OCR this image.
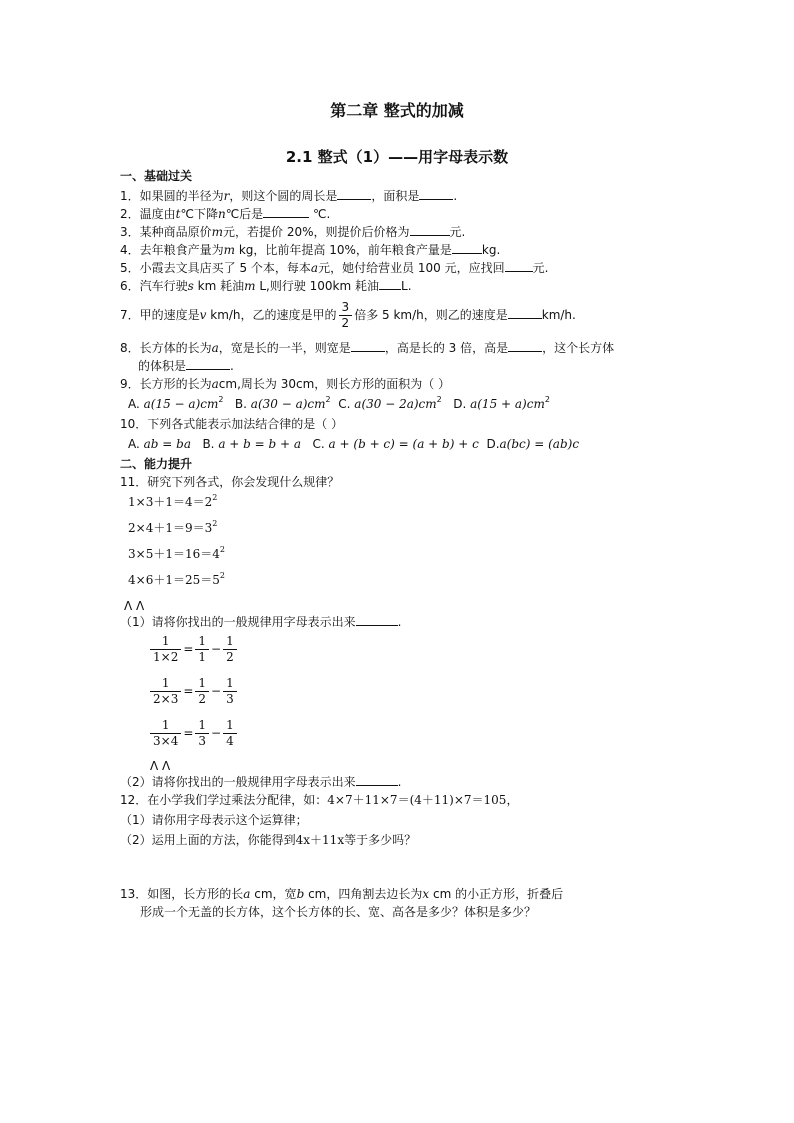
第二章 整式的加减
2.1 整式（1）——用字母表示数
一、基础过关
1．如果圆的半径为r，则这个圆的周长是	，面积是	.
2．温度由t℃下降n℃后是	℃.
3．某种商品原价m元，若提价 20%，则提价后价格为	元.
4．去年粮食产量为m kg，比前年提高 10%，前年粮食产量是	kg.
5．小霞去文具店买了 5 个本，每本a元，她付给营业员 100 元，应找回 元.
6．汽车行驶s km 耗油m L,则行驶 100km 耗油 L.
7．甲的速度是v km/h，乙的速度是甲的 $\frac{3}{2}$ 倍多 5 km/h，则乙的速度是	km/h.
8．长方体的长为a，宽是长的一半，则宽是	，高是长的 3 倍，高是	，这个长方体
的体积是	.
9．长方形的长为acm,周长为 30cm，则长方形的面积为（ ）
A. $a(15 - a)cm^2$ B. $a(30 - a)cm^2$ C. $a(30 - 2a)cm^2$ D. $a(15 + a)cm^2$
10．下列各式能表示加法结合律的是（ ）
A. ab = ba B. a + b = b + a C. a + (b + c) = (a + b) + c D.a(bc) = (ab)c
二、能力提升
11．研究下列各式，你会发现什么规律？
$1\times 3+1=4=2^2$
$2\times 4+1=9=3^2$
$3\times 5+1=16=4^2$
$4\times 6+1=25=5^2$
Λ Λ
（1）请将你找出的一般规律用字母表示出来	.
$\frac{1}{1\times 2} = \frac{1}{1} - \frac{1}{2}$
$\frac{1}{2\times 3} = \frac{1}{2} - \frac{1}{3}$
$\frac{1}{3\times 4} = \frac{1}{3} - \frac{1}{4}$
Λ Λ
（2）请将你找出的一般规律用字母表示出来	.
12．在小学我们学过乘法分配律，如：4×7＋11×7＝(4＋11)×7＝105，
（1）请你用字母表示这个运算律；
（2）运用上面的方法，你能得到4x＋11x等于多少吗？
13．如图，长方形的长a cm，宽b cm，四角割去边长为x cm 的小正方形，折叠后
形成一个无盖的长方体，这个长方体的长、宽、高各是多少？体积是多少？
